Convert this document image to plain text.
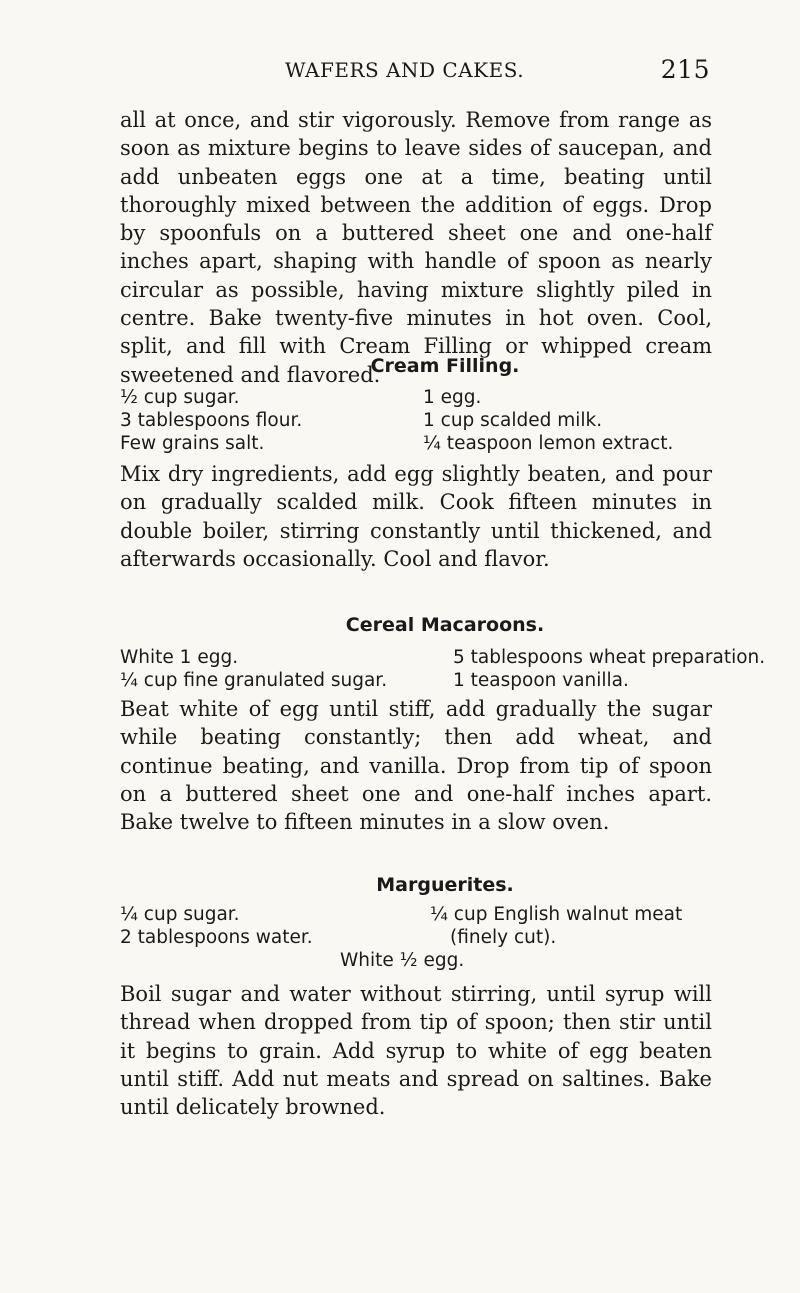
WAFERS AND CAKES.	215
all at once, and stir vigorously. Remove from range as soon as mixture begins to leave sides of saucepan, and add unbeaten eggs one at a time, beating until thoroughly mixed between the addition of eggs. Drop by spoonfuls on a buttered sheet one and one-half inches apart, shaping with handle of spoon as nearly circular as possible, having mixture slightly piled in centre. Bake twenty-five minutes in hot oven. Cool, split, and fill with Cream Filling or whipped cream sweetened and flavored.
Cream Filling.
½ cup sugar.
3 tablespoons flour.
Few grains salt.
1 egg.
1 cup scalded milk.
¼ teaspoon lemon extract.
Mix dry ingredients, add egg slightly beaten, and pour on gradually scalded milk. Cook fifteen minutes in double boiler, stirring constantly until thickened, and afterwards occasionally. Cool and flavor.
Cereal Macaroons.
White 1 egg.
¼ cup fine granulated sugar.
5 tablespoons wheat preparation.
1 teaspoon vanilla.
Beat white of egg until stiff, add gradually the sugar while beating constantly; then add wheat, and continue beating, and vanilla. Drop from tip of spoon on a buttered sheet one and one-half inches apart. Bake twelve to fifteen minutes in a slow oven.
Marguerites.
¼ cup sugar.
2 tablespoons water.
¼ cup English walnut meat
(finely cut).
White ½ egg.
Boil sugar and water without stirring, until syrup will thread when dropped from tip of spoon; then stir until it begins to grain. Add syrup to white of egg beaten until stiff. Add nut meats and spread on saltines. Bake until delicately browned.
